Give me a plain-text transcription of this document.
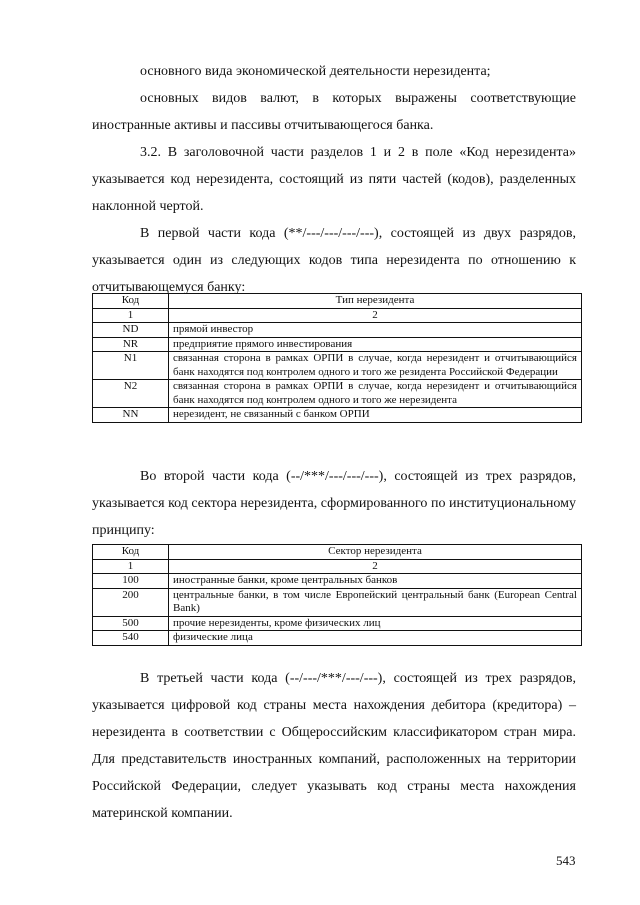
основного вида экономической деятельности нерезидента;

основных видов валют, в которых выражены соответствующие иностранные активы и пассивы отчитывающегося банка.

3.2. В заголовочной части разделов 1 и 2 в поле «Код нерезидента» указывается код нерезидента, состоящий из пяти частей (кодов), разделенных наклонной чертой.

В первой части кода (**/---/---/---/---), состоящей из двух разрядов, указывается один из следующих кодов типа нерезидента по отношению к отчитывающемуся банку:

Код	Тип нерезидента
1	2
ND	прямой инвестор
NR	предприятие прямого инвестирования
N1	связанная сторона в рамках ОРПИ в случае, когда нерезидент и отчитывающийся банк находятся под контролем одного и того же резидента Российской Федерации
N2	связанная сторона в рамках ОРПИ в случае, когда нерезидент и отчитывающийся банк находятся под контролем одного и того же нерезидента
NN	нерезидент, не связанный с банком ОРПИ

Во второй части кода (--/***/---/---/---), состоящей из трех разрядов, указывается код сектора нерезидента, сформированного по институциональному принципу:

Код	Сектор нерезидента
1	2
100	иностранные банки, кроме центральных банков
200	центральные банки, в том числе Европейский центральный банк (European Central Bank)
500	прочие нерезиденты, кроме физических лиц
540	физические лица

В третьей части кода (--/---/***/---/---), состоящей из трех разрядов, указывается цифровой код страны места нахождения дебитора (кредитора) – нерезидента в соответствии с Общероссийским классификатором стран мира. Для представительств иностранных компаний, расположенных на территории Российской Федерации, следует указывать код страны места нахождения материнской компании.

543
